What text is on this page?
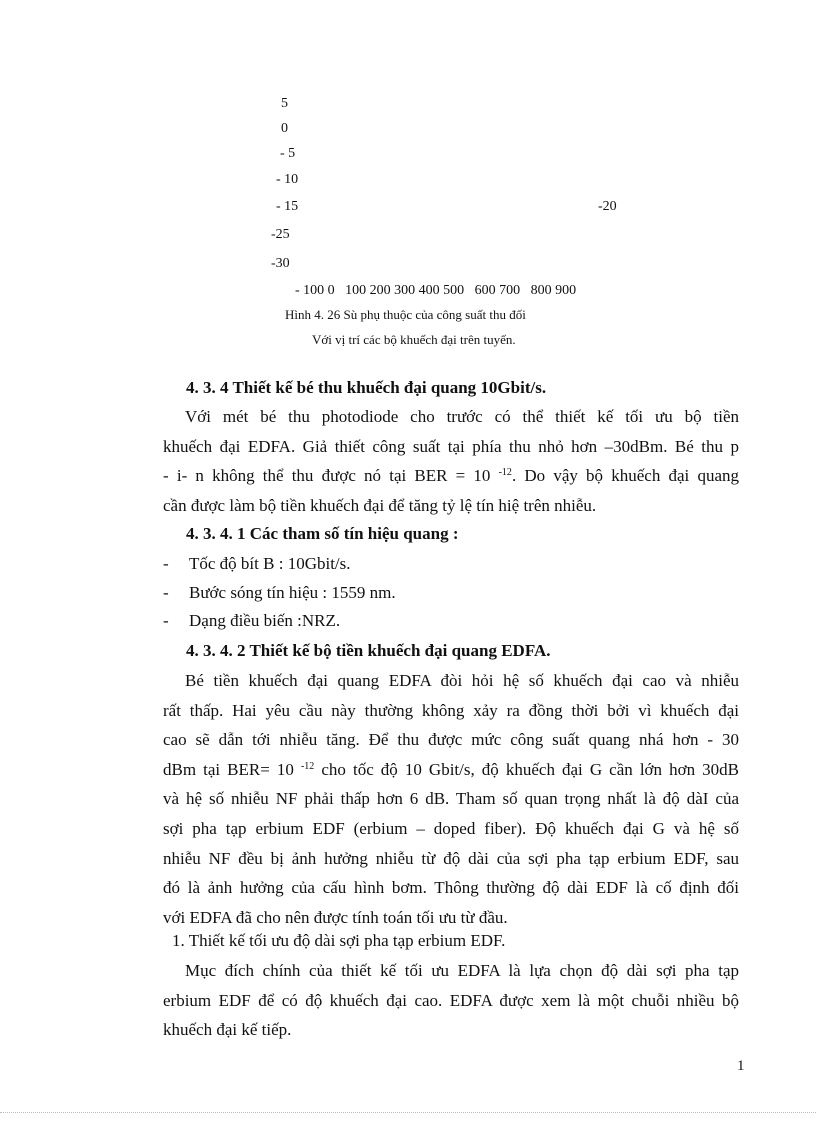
5
0
- 5
- 10
- 15	-20
-25
-30
- 100 0   100 200 300 400 500   600 700   800 900
Hình 4. 26 Sù phụ thuộc của công suất thu đối
Với vị trí các bộ khuếch đại trên tuyến.
4. 3. 4 Thiết kế bé thu khuếch đại quang 10Gbit/s.
Với mét bé thu photodiode cho trước có thể thiết kế tối ưu bộ tiền
khuếch đại EDFA. Giả thiết công suất tại phía thu nhỏ hơn –30dBm. Bé thu p
- i- n không thể thu được nó tại BER = 10 $^{-12}$. Do vậy bộ khuếch đại quang
cần được làm bộ tiền khuếch đại để tăng tỷ lệ tín hiệ trên nhiễu.
4. 3. 4. 1 Các tham số tín hiệu quang :
- Tốc độ bít B : 10Gbit/s.
- Bước sóng tín hiệu : 1559 nm.
- Dạng điều biến :NRZ.
4. 3. 4. 2 Thiết kế bộ tiền khuếch đại quang EDFA.
Bé tiền khuếch đại quang EDFA đòi hỏi hệ số khuếch đại cao và nhiễu
rất thấp. Hai yêu cầu này thường không xảy ra đồng thời bởi vì khuếch đại
cao sẽ dẫn tới nhiễu tăng. Để thu được mức công suất quang nhá hơn - 30
dBm tại BER= 10 $^{-12}$ cho tốc độ 10 Gbit/s, độ khuếch đại G cần lớn hơn 30dB
và hệ số nhiễu NF phải thấp hơn 6 dB. Tham số quan trọng nhất là độ dàI của
sợi pha tạp erbium EDF (erbium – doped fiber). Độ khuếch đại G và hệ số
nhiễu NF đều bị ảnh hưởng nhiễu từ độ dài của sợi pha tạp erbium EDF, sau
đó là ảnh hưởng của cấu hình bơm. Thông thường độ dài EDF là cố định đối
với EDFA đã cho nên được tính toán tối ưu từ đầu.
1. Thiết kế tối ưu độ dài sợi pha tạp erbium EDF.
Mục đích chính của thiết kế tối ưu EDFA là lựa chọn độ dài sợi pha tạp
erbium EDF để có độ khuếch đại cao. EDFA được xem là một chuỗi nhiều bộ
khuếch đại kế tiếp.
1
